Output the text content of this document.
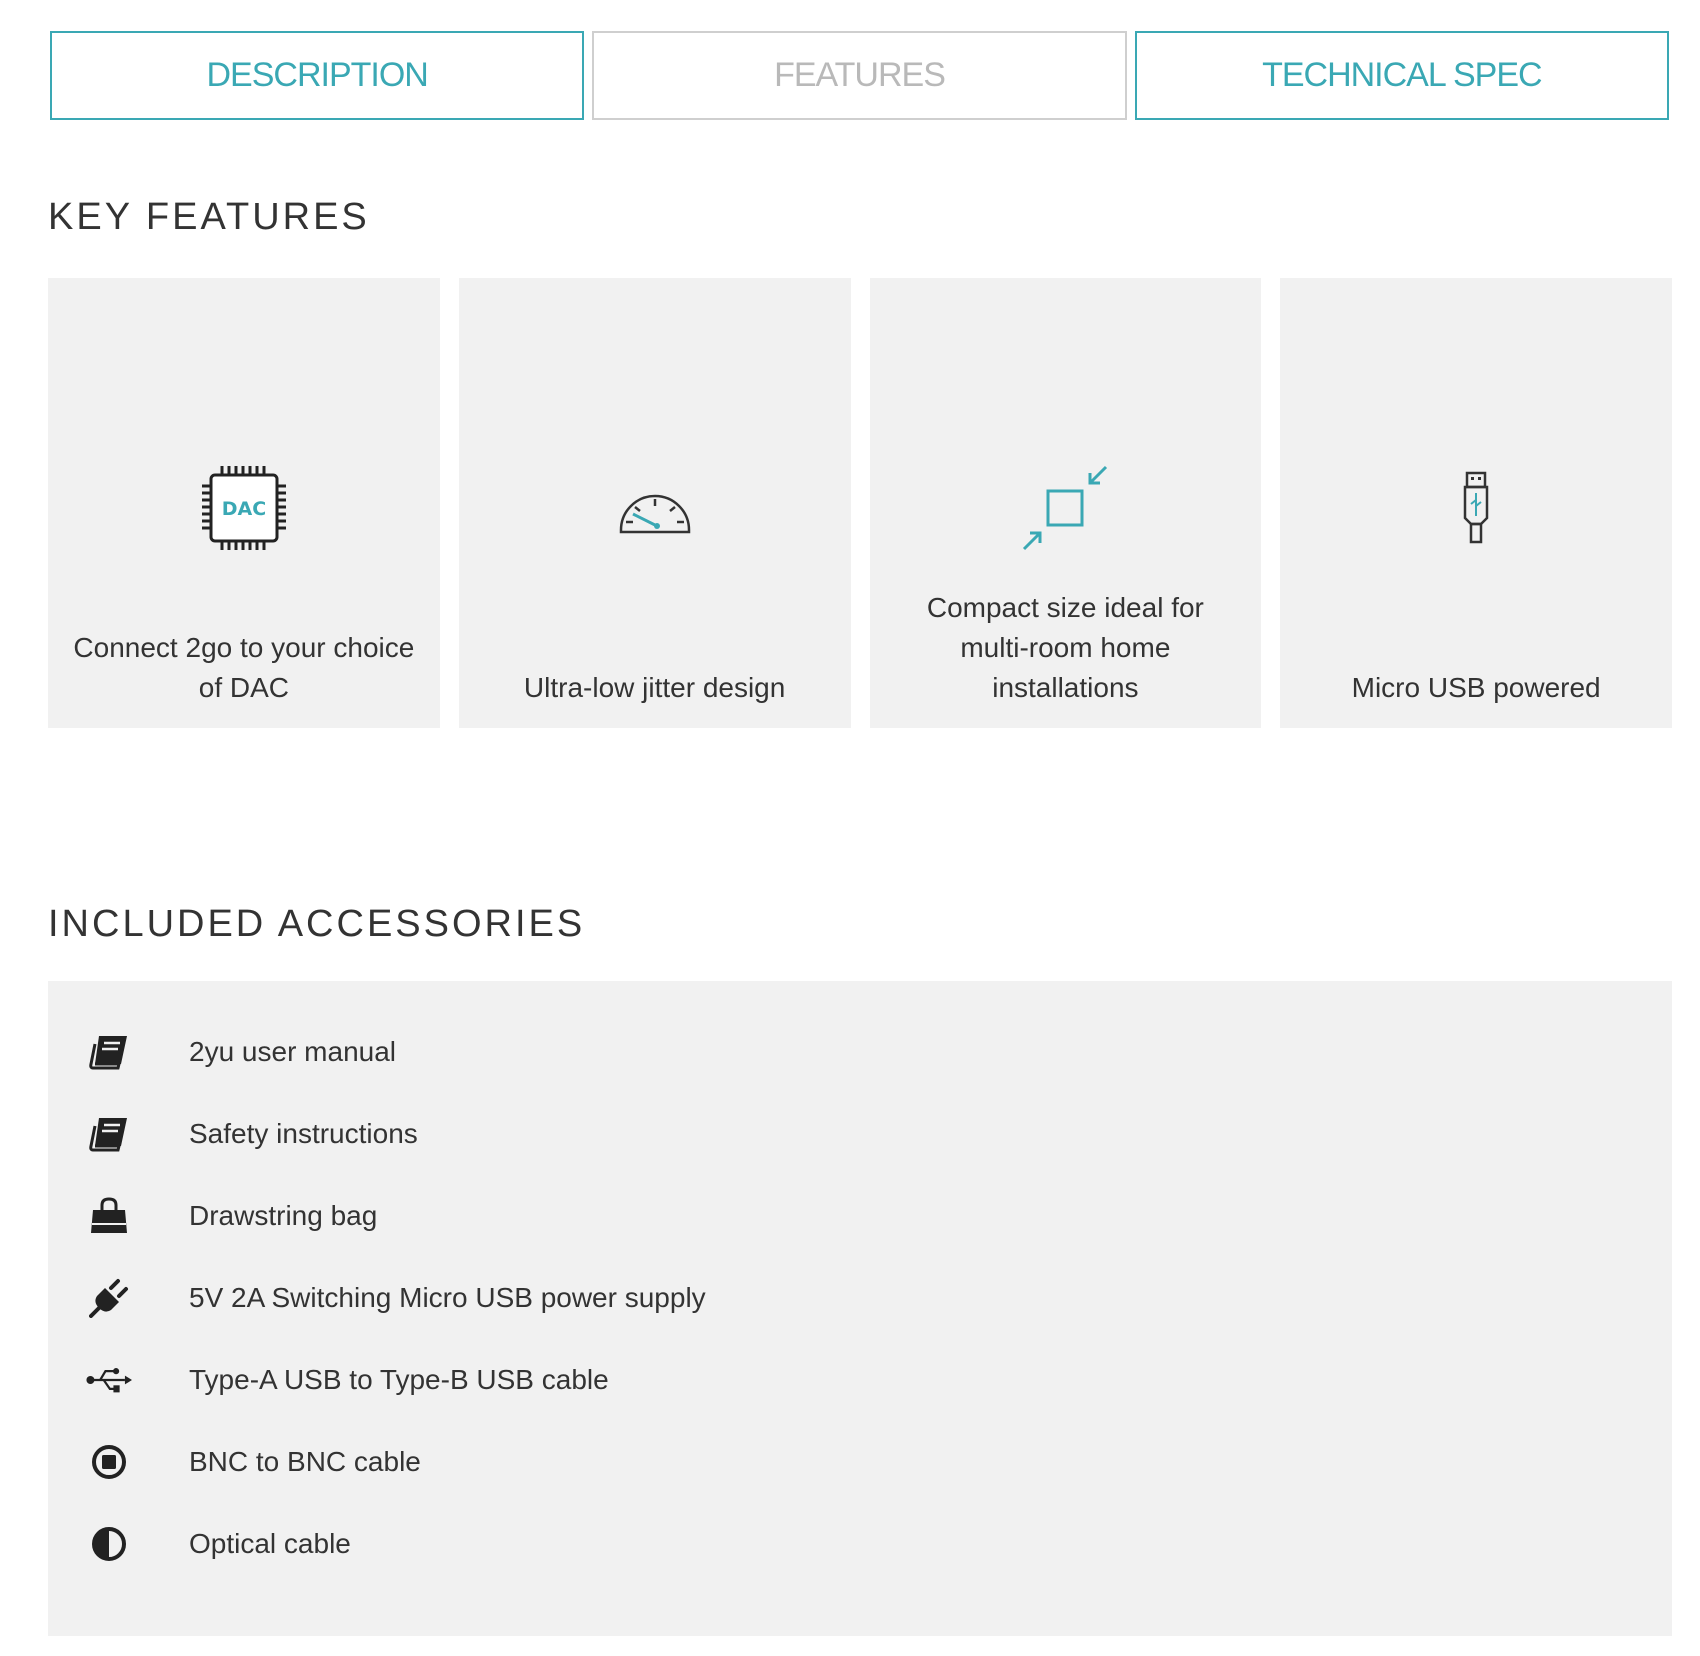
DESCRIPTION	FEATURES	TECHNICAL SPEC
KEY FEATURES
DAC
Connect 2go to your choice of DAC	Ultra-low jitter design
Compact size ideal for multi-room home installations	Micro USB powered
INCLUDED ACCESSORIES
2yu user manual
Safety instructions
Drawstring bag
5V 2A Switching Micro USB power supply
Type-A USB to Type-B USB cable
BNC to BNC cable
Optical cable
